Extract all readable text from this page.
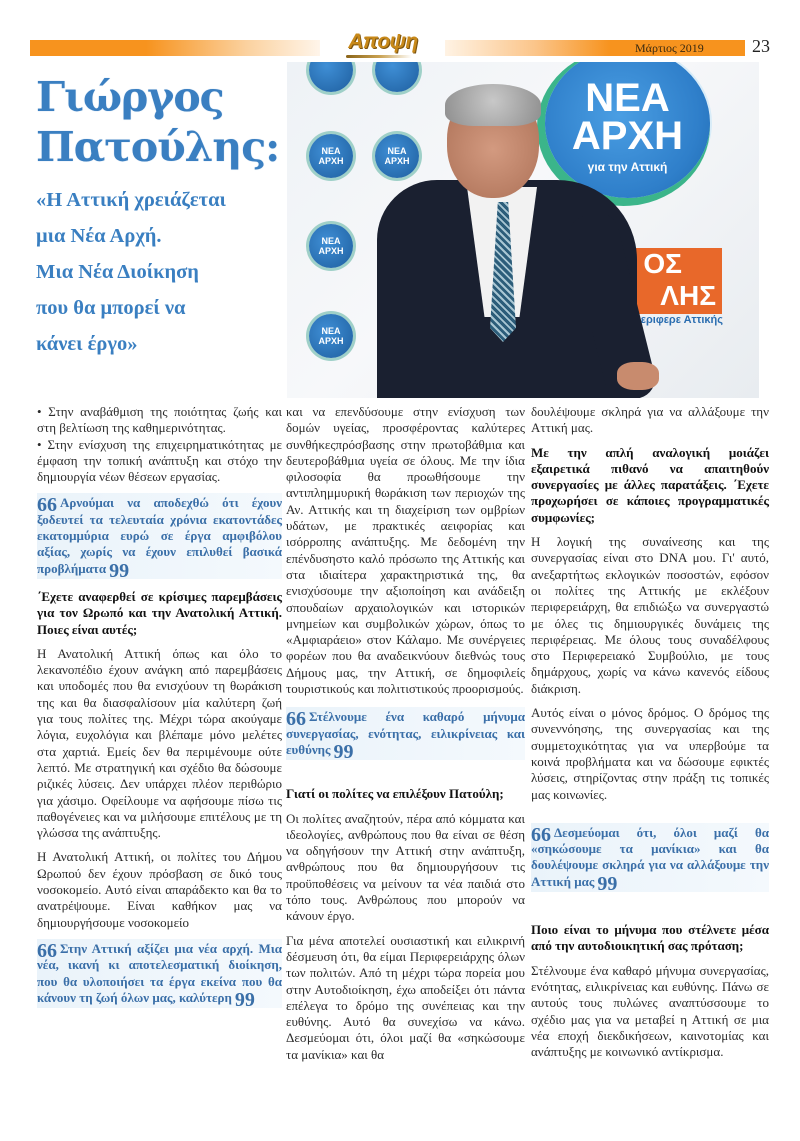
Αποψη	Μάρτιος 2019	23
Γιώργος
Πατούλης:
«Η Αττική χρειάζεται
μια Νέα Αρχή.
Μια Νέα Διοίκηση
που θα μπορεί να
κάνει έργο»
ΝΕΑ
ΑΡΧΗ
ΝΕΑ
ΑΡΧΗ
ΝΕΑ
ΑΡΧΗ
ΝΕΑ
ΑΡΧΗ
ΝΕΑ
ΑΡΧΗ
για την Αττική
ΟΣ
ΛΗΣ
εριφερε Αττικής

• Στην αναβάθμιση της ποιότητας ζωής και στη βελτίωση της καθημερινότητας.

• Στην ενίσχυση της επιχειρηματικότητας με έμφαση την τοπική ανάπτυξη και στόχο την δημιουργία νέων θέσεων εργασίας.

66 Αρνούμαι να αποδεχθώ ότι έχουν ξοδευτεί τα τελευταία χρόνια εκατοντάδες εκατομμύρια ευρώ σε έργα αμφιβόλου αξίας, χωρίς να έχουν επιλυθεί βασικά προβλήματα 99

΄Εχετε αναφερθεί σε κρίσιμες παρεμβάσεις για τον Ωρωπό και την Ανατολική Αττική. Ποιες είναι αυτές;

Η Ανατολική Αττική όπως και όλο το λεκανοπέδιο έχουν ανάγκη από παρεμβάσεις και υποδομές που θα ενισχύουν τη θωράκιση της και θα διασφαλίσουν μία καλύτερη ζωή για τους πολίτες της. Μέχρι τώρα ακούγαμε λόγια, ευχολόγια και βλέπαμε μόνο μελέτες στα χαρτιά. Εμείς δεν θα περιμένουμε ούτε λεπτό. Με στρατηγική και σχέδιο θα δώσουμε ριζικές λύσεις. Δεν υπάρχει πλέον περιθώριο για χάσιμο. Οφείλουμε να αφήσουμε πίσω τις παθογένειες και να μιλήσουμε επιτέλους με τη γλώσσα της ανάπτυξης.

Η Ανατολική Αττική, οι πολίτες του Δήμου Ωρωπού δεν έχουν πρόσβαση σε δικό τους νοσοκομείο. Αυτό είναι απαράδεκτο και θα το ανατρέψουμε. Είναι καθήκον μας να δημιουργήσουμε νοσοκομείο

66 Στην Αττική αξίζει μια νέα αρχή. Μια νέα, ικανή κι αποτελεσματική διοίκηση, που θα υλοποιήσει τα έργα εκείνα που θα κάνουν τη ζωή όλων μας, καλύτερη 99

και να επενδύσουμε στην ενίσχυση των δομών υγείας, προσφέροντας καλύτερες συνθήκεςπρόσβασης στην πρωτοβάθμια και δευτεροβάθμια υγεία σε όλους. Με την ίδια φιλοσοφία θα προωθήσουμε την αντιπλημμυρική θωράκιση των περιοχών της Αν. Αττικής και τη διαχείριση των ομβρίων υδάτων, με πρακτικές αειφορίας και ισόρροπης ανάπτυξης. Με δεδομένη την επένδυσηστο καλό πρόσωπο της Αττικής και στα ιδιαίτερα χαρακτηριστικά της, θα ενισχύσουμε την αξιοποίηση και ανάδειξη σπουδαίων αρχαιολογικών και ιστορικών μνημείων και συμβολικών χώρων, όπως το «Αμφιαράειο» στον Κάλαμο. Με συνέργειες φορέων που θα αναδεικνύουν διεθνώς τους Δήμους μας, την Αττική, σε δημοφιλείς τουριστικούς και πολιτιστικούς προορισμούς.

66 Στέλνουμε ένα καθαρό μήνυμα συνεργασίας, ενότητας, ειλικρίνειας και ευθύνης 99

Γιατί οι πολίτες να επιλέξουν Πατούλη;

Οι πολίτες αναζητούν, πέρα από κόμματα και ιδεολογίες, ανθρώπους που θα είναι σε θέση να οδηγήσουν την Αττική στην ανάπτυξη, ανθρώπους που θα δημιουργήσουν τις προϋποθέσεις να μείνουν τα νέα παιδιά στο τόπο τους. Ανθρώπους που μπορούν να κάνουν έργο.

Για μένα αποτελεί ουσιαστική και ειλικρινή δέσμευση ότι, θα είμαι Περιφερειάρχης όλων των πολιτών. Από τη μέχρι τώρα πορεία μου στην Αυτοδιοίκηση, έχω αποδείξει ότι πάντα επέλεγα το δρόμο της συνέπειας και την ευθύνης. Αυτό θα συνεχίσω να κάνω. Δεσμεύομαι ότι, όλοι μαζί θα «σηκώσουμε τα μανίκια» και θα

δουλέψουμε σκληρά για να αλλάξουμε την Αττική μας.

Με την απλή αναλογική μοιάζει εξαιρετικά πιθανό να απαιτηθούν συνεργασίες με άλλες παρατάξεις. ΄Εχετε προχωρήσει σε κάποιες προγραμματικές συμφωνίες;

Η λογική της συναίνεσης και της συνεργασίας είναι στο DNA μου. Γι' αυτό, ανεξαρτήτως εκλογικών ποσοστών, εφόσον οι πολίτες της Αττικής με εκλέξουν περιφερειάρχη, θα επιδιώξω να συνεργαστώ με όλες τις δημιουργικές δυνάμεις της περιφέρειας. Με όλους τους συναδέλφους στο Περιφερειακό Συμβούλιο, με τους δημάρχους, χωρίς να κάνω κανενός είδους διάκριση.

Αυτός είναι ο μόνος δρόμος. Ο δρόμος της συνεννόησης, της συνεργασίας και της συμμετοχικότητας για να υπερβούμε τα κοινά προβλήματα και να δώσουμε εφικτές λύσεις, στηρίζοντας στην πράξη τις τοπικές μας κοινωνίες.

66 Δεσμεύομαι ότι, όλοι μαζί θα «σηκώσουμε τα μανίκια» και θα δουλέψουμε σκληρά για να αλλάξουμε την Αττική μας 99

Ποιο είναι το μήνυμα που στέλνετε μέσα από την αυτοδιοικητική σας πρόταση;

Στέλνουμε ένα καθαρό μήνυμα συνεργασίας, ενότητας, ειλικρίνειας και ευθύνης. Πάνω σε αυτούς τους πυλώνες αναπτύσσουμε το σχέδιο μας για να μεταβεί η Αττική σε μια νέα εποχή διεκδικήσεων, καινοτομίας και ανάπτυξης με κοινωνικό αντίκρισμα.
